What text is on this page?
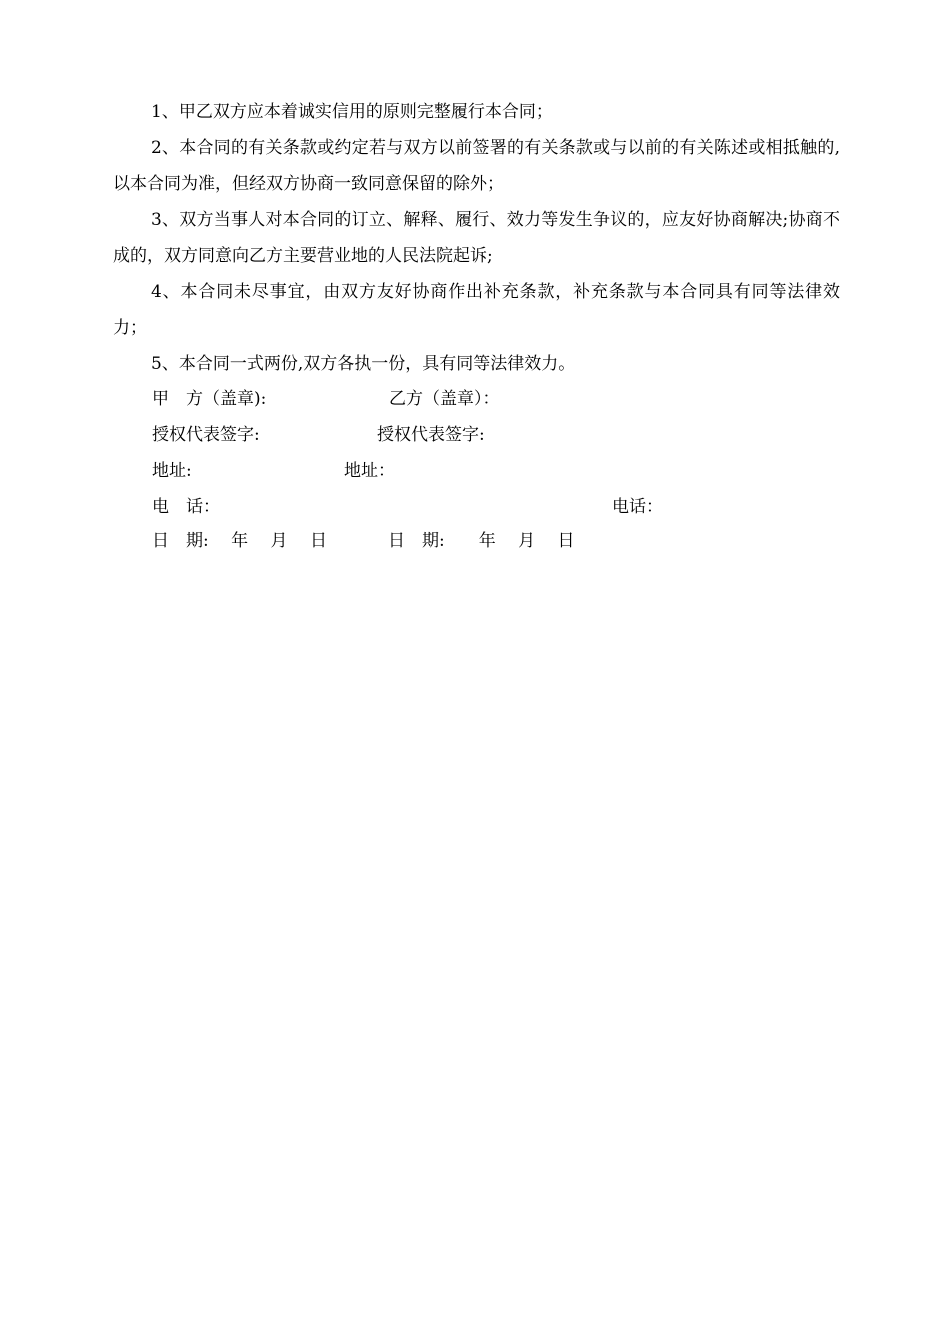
1、甲乙双方应本着诚实信用的原则完整履行本合同；

2、本合同的有关条款或约定若与双方以前签署的有关条款或与以前的有关陈述或相抵触的,以本合同为准，但经双方协商一致同意保留的除外；

3、双方当事人对本合同的订立、解释、履行、效力等发生争议的，应友好协商解决;协商不成的，双方同意向乙方主要营业地的人民法院起诉;

4、本合同未尽事宜，由双方友好协商作出补充条款，补充条款与本合同具有同等法律效力；

5、本合同一式两份,双方各执一份，具有同等法律效力。

甲　方（盖章):	乙方（盖章）：
授权代表签字:	授权代表签字:
地址:	地址：
电　话：	电话：
日　期:　 年　 月　 日	日　期:　　年　 月　 日
